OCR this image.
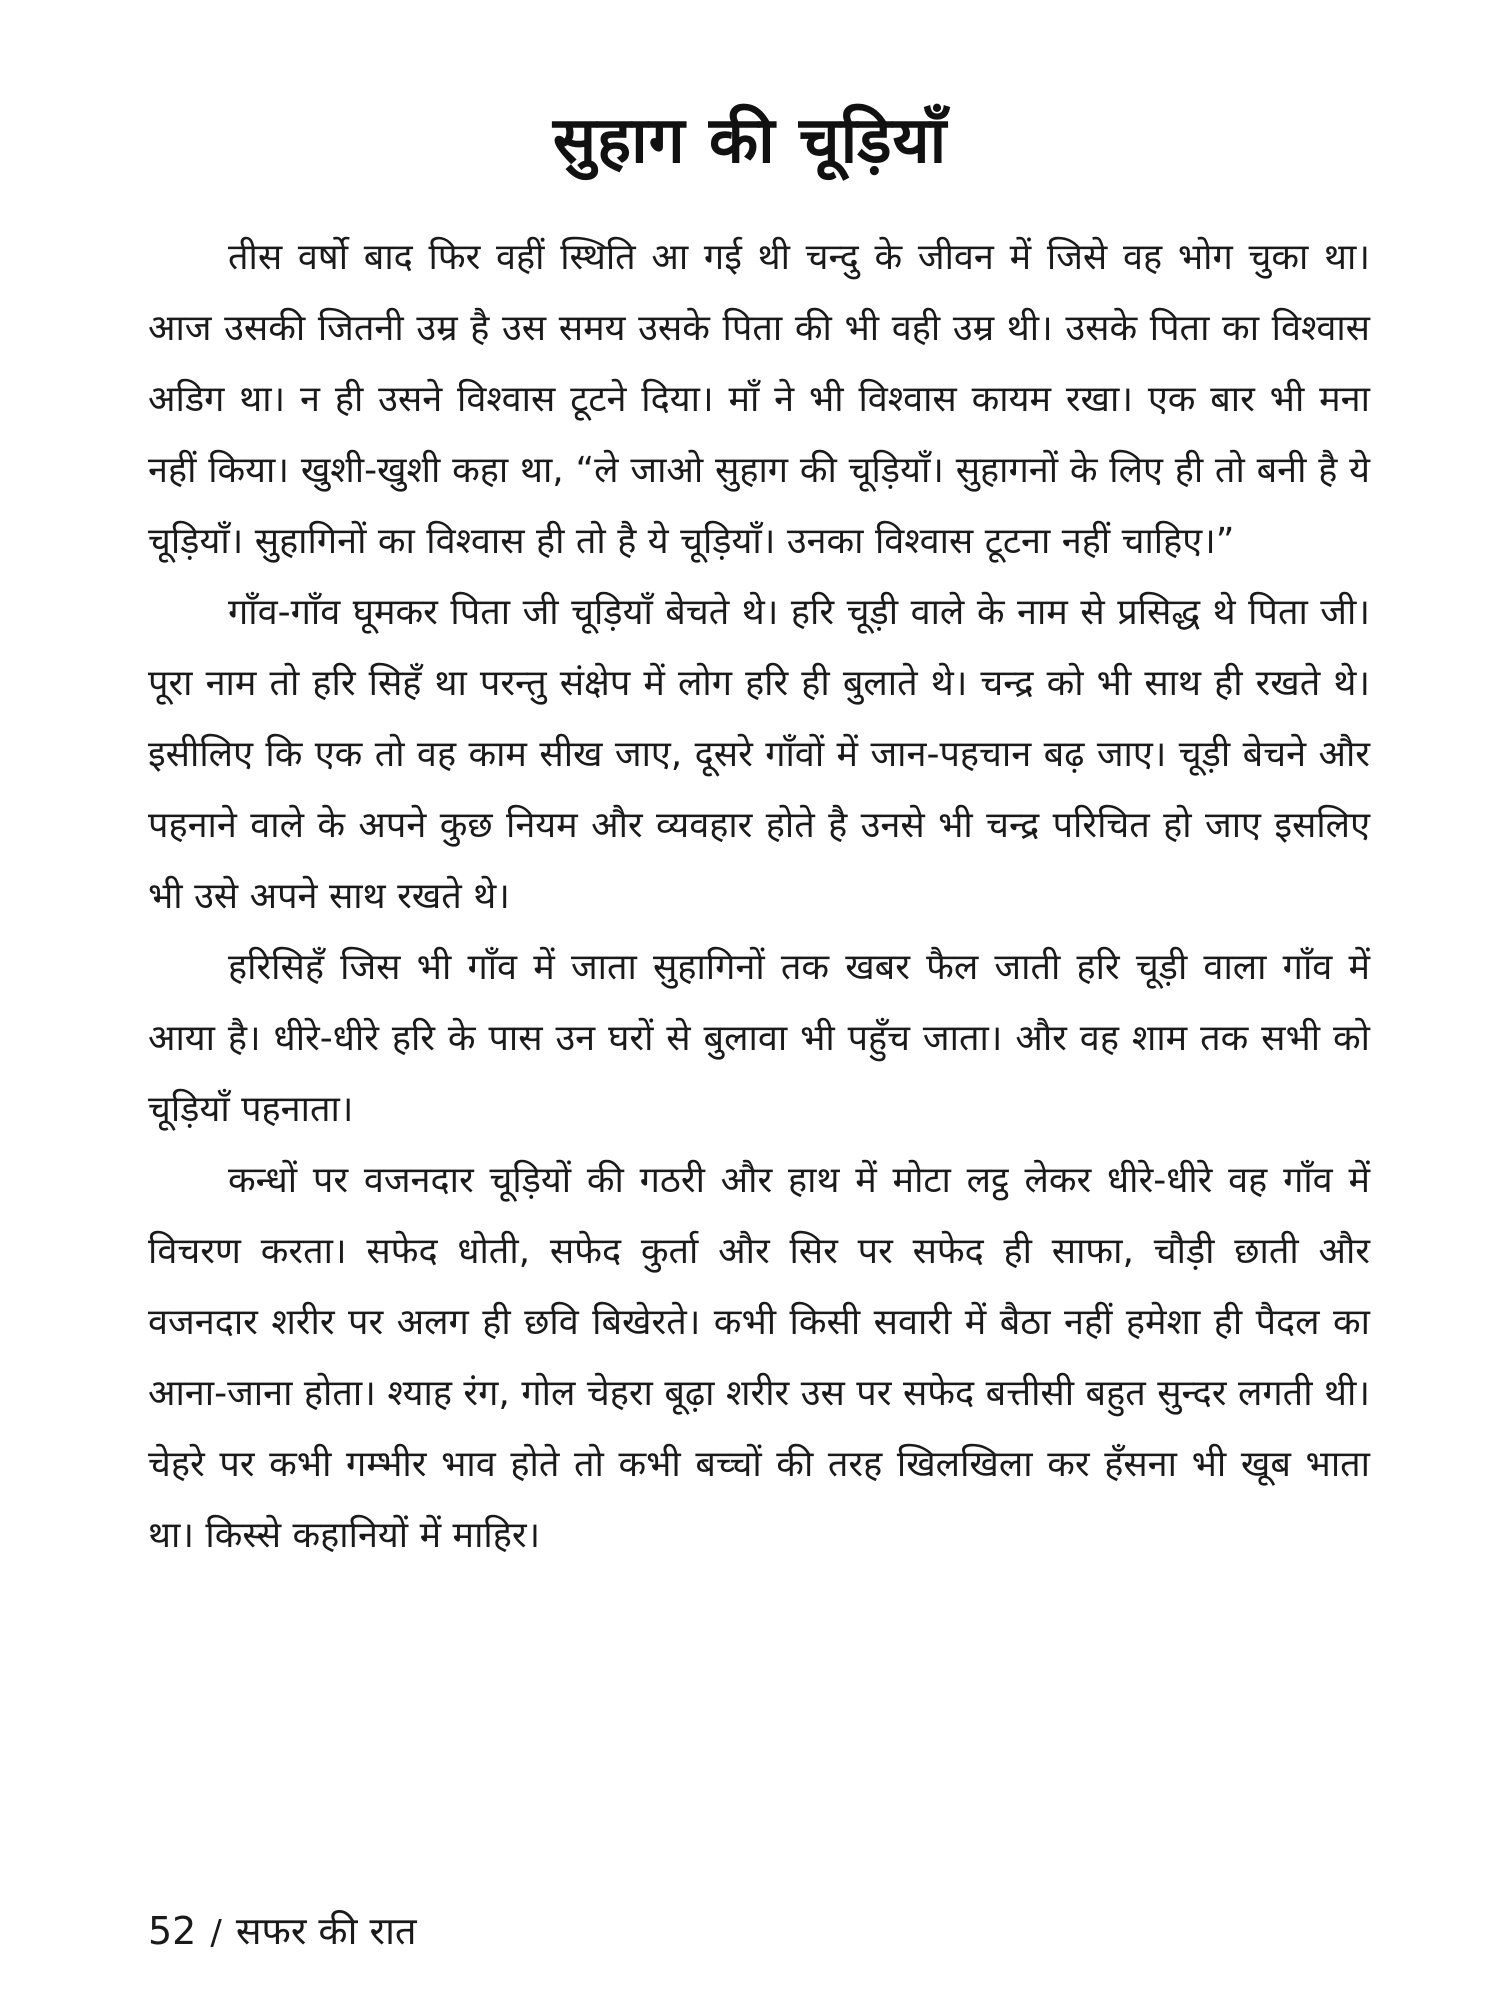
सुहाग की चूड़ियाँ

तीस वर्षो बाद फिर वहीं स्थिति आ गई थी चन्दु के जीवन में जिसे वह भोग चुका था। आज उसकी जितनी उम्र है उस समय उसके पिता की भी वही उम्र थी। उसके पिता का विश्वास अडिग था। न ही उसने विश्वास टूटने दिया। माँ ने भी विश्वास कायम रखा। एक बार भी मना नहीं किया। खुशी-खुशी कहा था, “ले जाओ सुहाग की चूड़ियाँ। सुहागनों के लिए ही तो बनी है ये चूड़ियाँ। सुहागिनों का विश्वास ही तो है ये चूड़ियाँ। उनका विश्वास टूटना नहीं चाहिए।”

गाँव-गाँव घूमकर पिता जी चूड़ियाँ बेचते थे। हरि चूड़ी वाले के नाम से प्रसिद्ध थे पिता जी। पूरा नाम तो हरि सिहँ था परन्तु संक्षेप में लोग हरि ही बुलाते थे। चन्द्र को भी साथ ही रखते थे। इसीलिए कि एक तो वह काम सीख जाए, दूसरे गाँवों में जान-पहचान बढ़ जाए। चूड़ी बेचने और पहनाने वाले के अपने कुछ नियम और व्यवहार होते है उनसे भी चन्द्र परिचित हो जाए इसलिए भी उसे अपने साथ रखते थे।

हरिसिहँ जिस भी गाँव में जाता सुहागिनों तक खबर फैल जाती हरि चूड़ी वाला गाँव में आया है। धीरे-धीरे हरि के पास उन घरों से बुलावा भी पहुँच जाता। और वह शाम तक सभी को चूड़ियाँ पहनाता।

कन्धों पर वजनदार चूड़ियों की गठरी और हाथ में मोटा लट्ठ लेकर धीरे-धीरे वह गाँव में विचरण करता। सफेद धोती, सफेद कुर्ता और सिर पर सफेद ही साफा, चौड़ी छाती और वजनदार शरीर पर अलग ही छवि बिखेरते। कभी किसी सवारी में बैठा नहीं हमेशा ही पैदल का आना-जाना होता। श्याह रंग, गोल चेहरा बूढ़ा शरीर उस पर सफेद बत्तीसी बहुत सुन्दर लगती थी। चेहरे पर कभी गम्भीर भाव होते तो कभी बच्चों की तरह खिलखिला कर हँसना भी खूब भाता था। किस्से कहानियों में माहिर।

52 / सफर की रात
